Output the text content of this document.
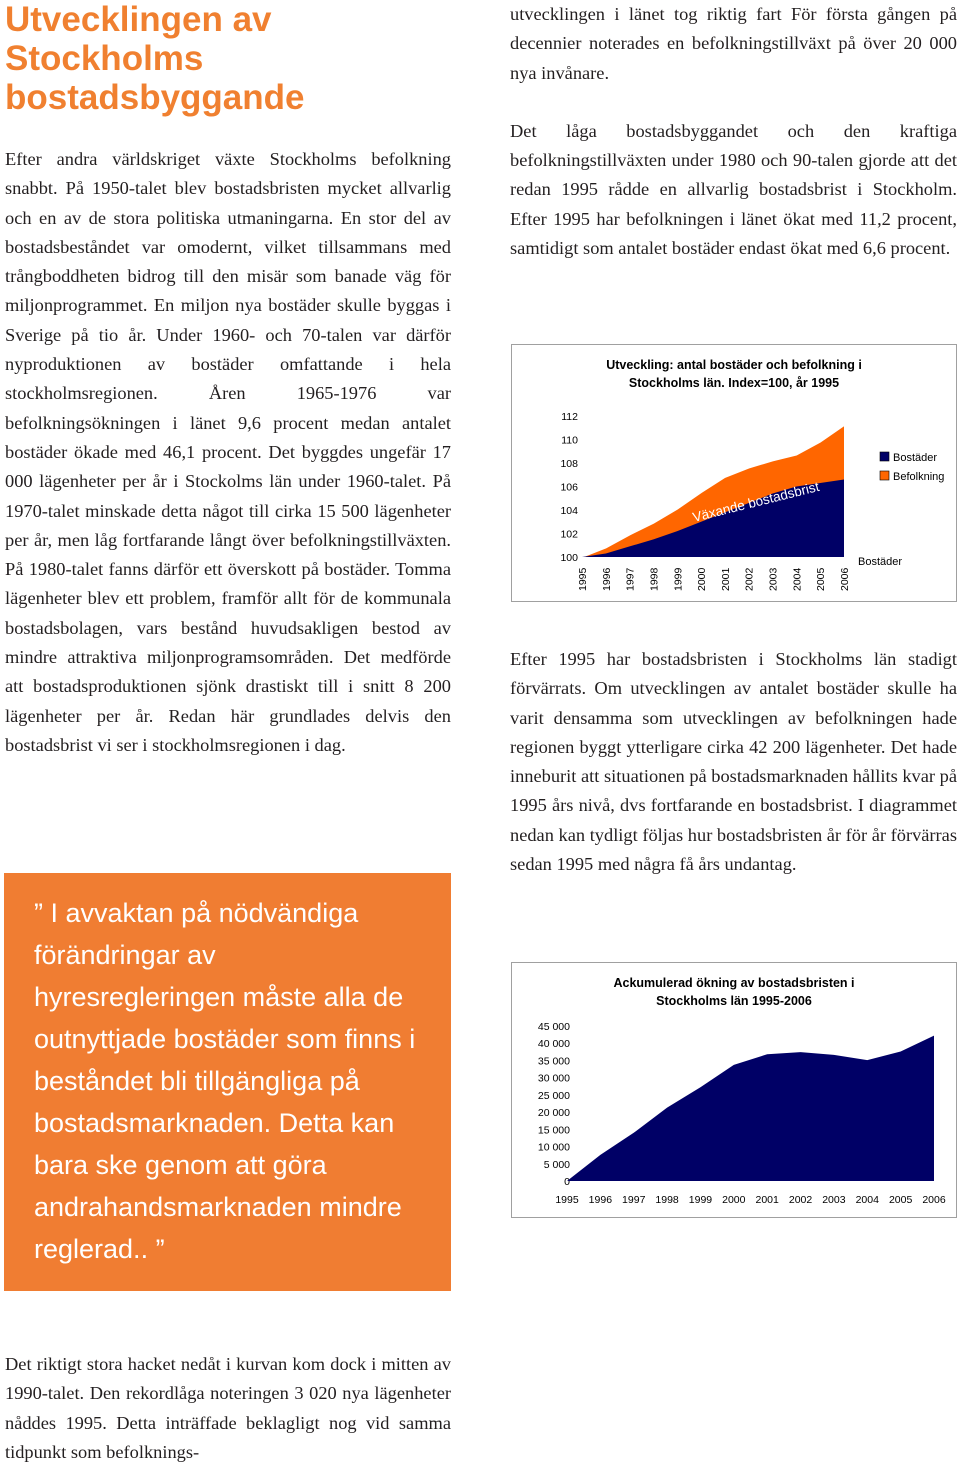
Utvecklingen av
Stockholms
bostadsbyggande

Efter andra världskriget växte Stockholms befolkning snabbt. På 1950-talet blev bostadsbristen mycket allvarlig och en av de stora politiska utmaningarna. En stor del av bostadsbeståndet var omodernt, vilket tillsammans med trångboddheten bidrog till den misär som banade väg för miljonprogrammet. En miljon nya bostäder skulle byggas i Sverige på tio år. Under 1960- och 70-talen var därför nyproduktionen av bostäder omfattande i hela stockholmsregionen. Åren 1965-1976 var befolkningsökningen i länet 9,6 procent medan antalet bostäder ökade med 46,1 procent. Det byggdes ungefär 17 000 lägenheter per år i Stockolms län under 1960-talet. På 1970-talet minskade detta något till cirka 15 500 lägenheter per år, men låg fortfarande långt över befolkningstillväxten. På 1980-talet fanns därför ett överskott på bostäder. Tomma lägenheter blev ett problem, framför allt för de kommunala bostadsbolagen, vars bestånd huvudsakligen bestod av mindre attraktiva miljonprogramsområden. Det medförde att bostadsproduktionen sjönk drastiskt till i snitt 8 200 lägenheter per år. Redan här grundlades delvis den bostadsbrist vi ser i stockholmsregionen i dag.

” I avvaktan på nödvändiga förändringar av hyresregleringen måste alla de outnyttjade bostäder som finns i beståndet bli tillgängliga på bostadsmarknaden. Detta kan bara ske genom att göra andrahandsmarknaden mindre reglerad.. ”

Det riktigt stora hacket nedåt i kurvan kom dock i mitten av 1990-talet. Den rekordlåga noteringen 3 020 nya lägenheter nåddes 1995. Detta inträffade beklagligt nog vid samma tidpunkt som befolknings-

utvecklingen i länet tog riktig fart För första gången på decennier noterades en befolkningstillväxt på över 20 000 nya invånare.

Det låga bostadsbyggandet och den kraftiga befolkningstillväxten under 1980 och 90-talen gjorde att det redan 1995 rådde en allvarlig bostadsbrist i Stockholm. Efter 1995 har befolkningen i länet ökat med 11,2 procent, samtidigt som antalet bostäder endast ökat med 6,6 procent.

Utveckling: antal bostäder och befolkning i
Stockholms län. Index=100, år 1995
100
102
104
106
108
110
112
Växande bostadsbrist
1995 1996 1997 1998 1999 2000 2001 2002 2003 2004 2005 2006
Bostäder
Bostäder
Befolkning

Efter 1995 har bostadsbristen i Stockholms län stadigt förvärrats. Om utvecklingen av antalet bostäder skulle ha varit densamma som utvecklingen av befolkningen hade regionen byggt ytterligare cirka 42 200 lägenheter. Det hade inneburit att situationen på bostadsmarknaden hållits kvar på 1995 års nivå, dvs fortfarande en bostadsbrist. I diagrammet nedan kan tydligt följas hur bostadsbristen år för år förvärras sedan 1995 med några få års undantag.

Ackumulerad ökning av bostadsbristen i
Stockholms län 1995-2006
0
5 000
10 000
15 000
20 000
25 000
30 000
35 000
40 000
45 000
1995 1996 1997 1998 1999 2000 2001 2002 2003 2004 2005 2006
